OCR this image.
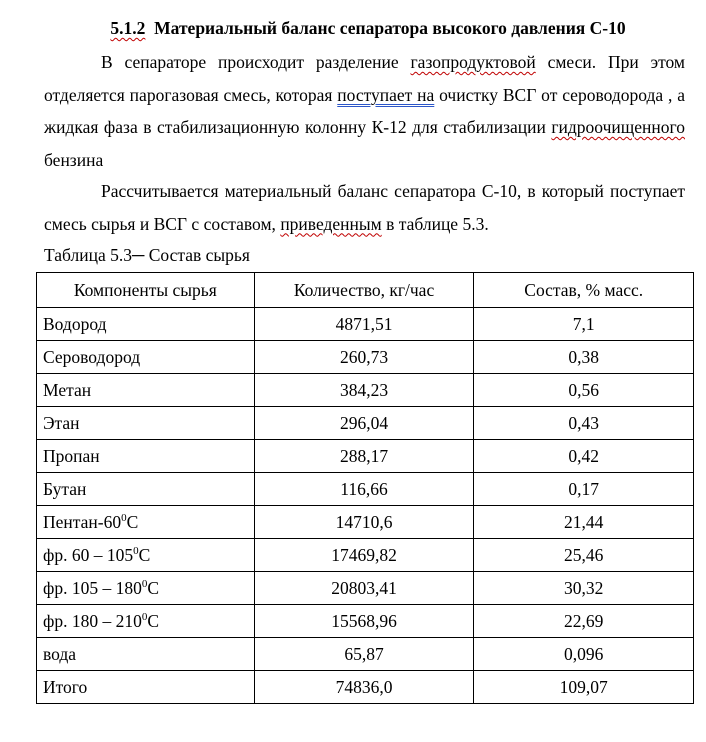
5.1.2 Материальный баланс сепаратора высокого давления С-10
В сепараторе происходит разделение газопродуктовой смеси. При этом отделяется парогазовая смесь, которая поступает на очистку ВСГ от сероводорода , а жидкая фаза в стабилизационную колонну К-12 для стабилизации гидроочищенного бензина
Рассчитывается материальный баланс сепаратора С-10, в который поступает смесь сырья и ВСГ с составом, приведенным в таблице 5.3.
Таблица 5.3─ Состав сырья
Компоненты сырья	Количество, кг/час	Состав, % масс.
Водород	4871,51	7,1
Сероводород	260,73	0,38
Метан	384,23	0,56
Этан	296,04	0,43
Пропан	288,17	0,42
Бутан	116,66	0,17
Пентан-$60^0С$	14710,6	21,44
фр. $60 - 105^0С$	17469,82	25,46
фр. $105 - 180^0С$	20803,41	30,32
фр. $180 - 210^0С$	15568,96	22,69
вода	65,87	0,096
Итого	74836,0	109,07
